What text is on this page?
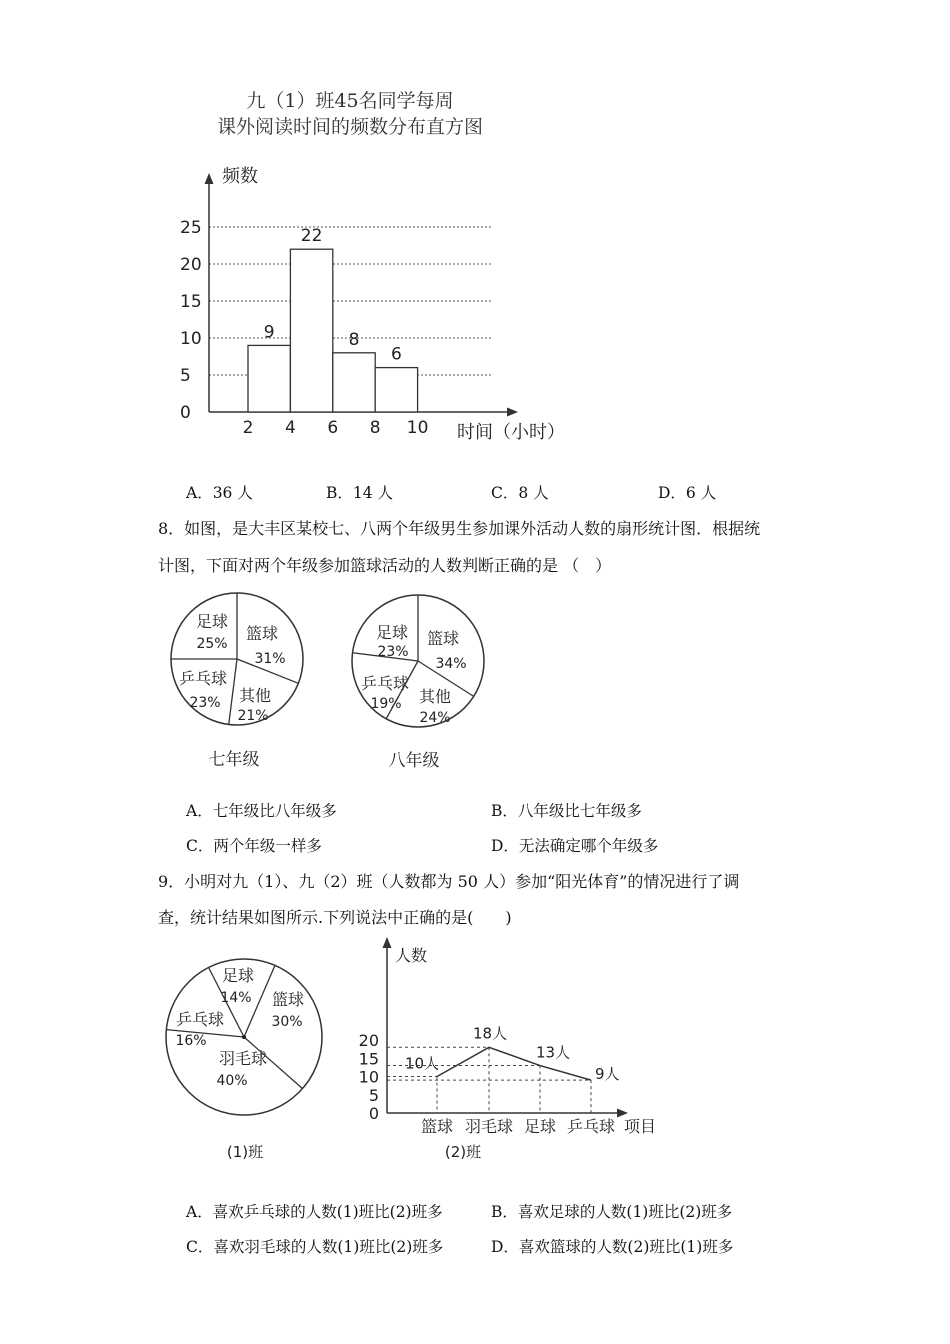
九（1）班45名同学每周
课外阅读时间的频数分布直方图
频数
时间（小时）
0
5
10
15
20
25
2 4 6 8 10
9
22
8
6
A．36 人	B．14 人	C．8 人	D．6 人
8．如图，是大丰区某校七、八两个年级男生参加课外活动人数的扇形统计图．根据统
计图，下面对两个年级参加篮球活动的人数判断正确的是 （　）
足球
25%
篮球
31%
其他
21%
乒乓球
23%
七年级
足球
23%
篮球
34%
其他
24%
乒乓球
19%
八年级
A．七年级比八年级多	B．八年级比七年级多
C．两个年级一样多	D．无法确定哪个年级多
9．小明对九（1）、九（2）班（人数都为 50 人）参加“阳光体育”的情况进行了调
查，统计结果如图所示.下列说法中正确的是(　　)
足球
14% 篮球
30%
羽毛球
40%
乒乓球
16%
(1)班
人数
项目
0
5
10
15
20
篮球 羽毛球 足球 乒乓球
10人
18人
13人
9人
(2)班
A．喜欢乒乓球的人数(1)班比(2)班多	B．喜欢足球的人数(1)班比(2)班多
C．喜欢羽毛球的人数(1)班比(2)班多	D．喜欢篮球的人数(2)班比(1)班多
